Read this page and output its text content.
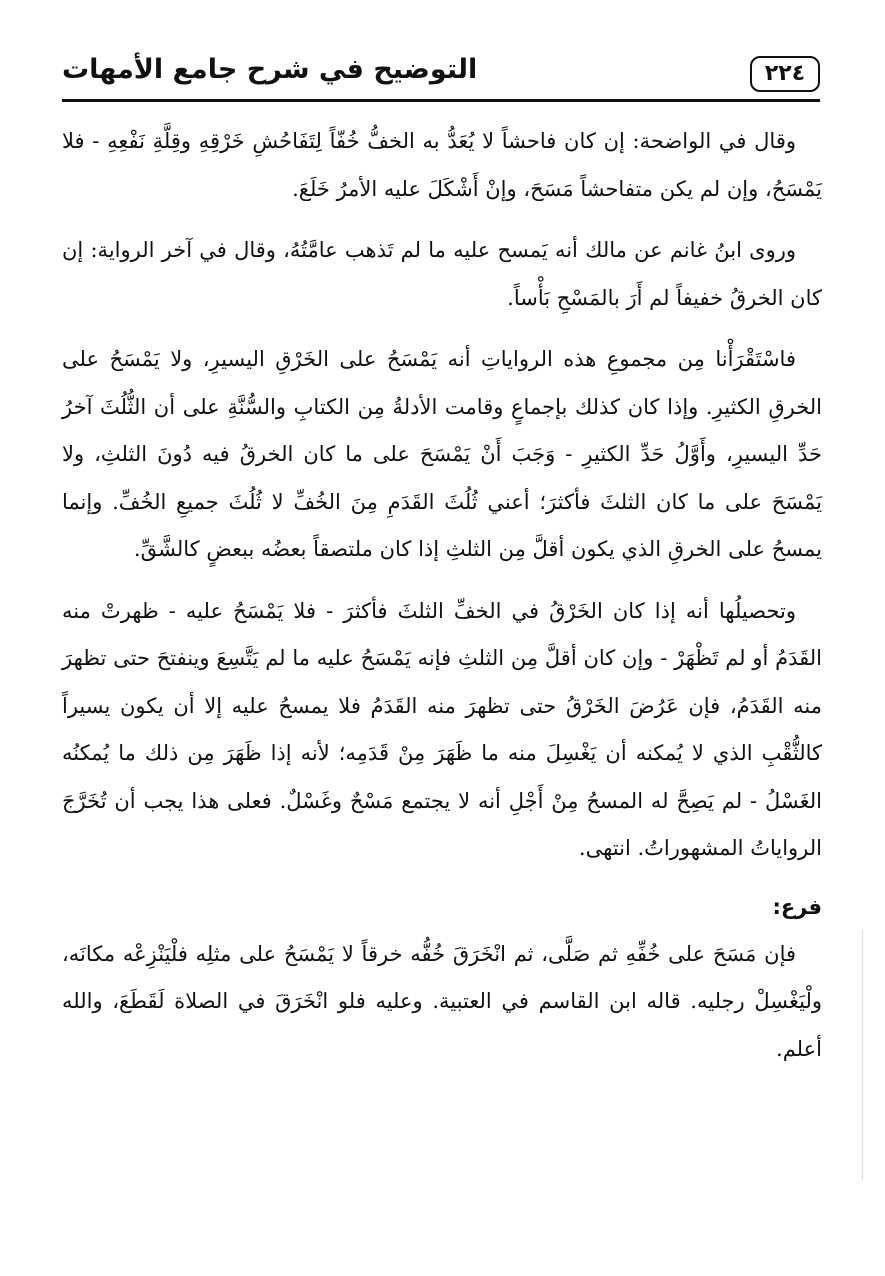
التوضيح في شرح جامع الأمهات	٢٢٤

وقال في الواضحة: إن كان فاحشاً لا يُعَدُّ به الخفُّ خُفّاً لِتَفَاحُشِ خَرْقِهِ وقِلَّةِ نَفْعِهِ - فلا يَمْسَحُ، وإن لم يكن متفاحشاً مَسَحَ، وإنْ أَشْكَلَ عليه الأمرُ خَلَعَ.

وروى ابنُ غانم عن مالك أنه يَمسح عليه ما لم تَذهب عامَّتُهُ، وقال في آخر الرواية: إن كان الخرقُ خفيفاً لم أَرَ بالمَسْحِ بَأْساً.

فاسْتَقْرَأْنا مِن مجموعِ هذه الرواياتِ أنه يَمْسَحُ على الخَرْقِ اليسيرِ، ولا يَمْسَحُ على الخرقِ الكثيرِ. وإذا كان كذلك بإجماعٍ وقامت الأدلةُ مِن الكتابِ والسُّنَّةِ على أن الثُّلُثَ آخرُ حَدِّ اليسيرِ، وأَوَّلُ حَدِّ الكثيرِ - وَجَبَ أَنْ يَمْسَحَ على ما كان الخرقُ فيه دُونَ الثلثِ، ولا يَمْسَحَ على ما كان الثلثَ فأكثرَ؛ أعني ثُلُثَ القَدَمِ مِنَ الخُفِّ لا ثُلُثَ جميعِ الخُفِّ. وإنما يمسحُ على الخرقِ الذي يكون أقلَّ مِن الثلثِ إذا كان ملتصقاً بعضُه ببعضٍ كالشَّقِّ.

وتحصيلُها أنه إذا كان الخَرْقُ في الخفِّ الثلثَ فأكثرَ - فلا يَمْسَحُ عليه - ظهرتْ منه القَدَمُ أو لم تَظْهَرْ - وإن كان أقلَّ مِن الثلثِ فإنه يَمْسَحُ عليه ما لم يَتَّسِعَ وينفتحَ حتى تظهرَ منه القَدَمُ، فإن عَرُضَ الخَرْقُ حتى تظهرَ منه القَدَمُ فلا يمسحُ عليه إلا أن يكون يسيراً كالثُّقْبِ الذي لا يُمكنه أن يَغْسِلَ منه ما ظَهَرَ مِنْ قَدَمِه؛ لأنه إذا ظَهَرَ مِن ذلك ما يُمكنُه الغَسْلُ - لم يَصِحَّ له المسحُ مِنْ أَجْلِ أنه لا يجتمع مَسْحٌ وغَسْلٌ. فعلى هذا يجب أن تُخَرَّجَ الرواياتُ المشهوراتُ. انتهى.

فرع:

فإن مَسَحَ على خُفِّهِ ثم صَلَّى، ثم انْخَرَقَ خُفُّه خرقاً لا يَمْسَحُ على مثلِه فلْيَنْزِعْه مكانَه، ولْيَغْسِلْ رجليه. قاله ابن القاسم في العتبية. وعليه فلو انْخَرَقَ في الصلاة لَقَطَعَ، والله أعلم.
